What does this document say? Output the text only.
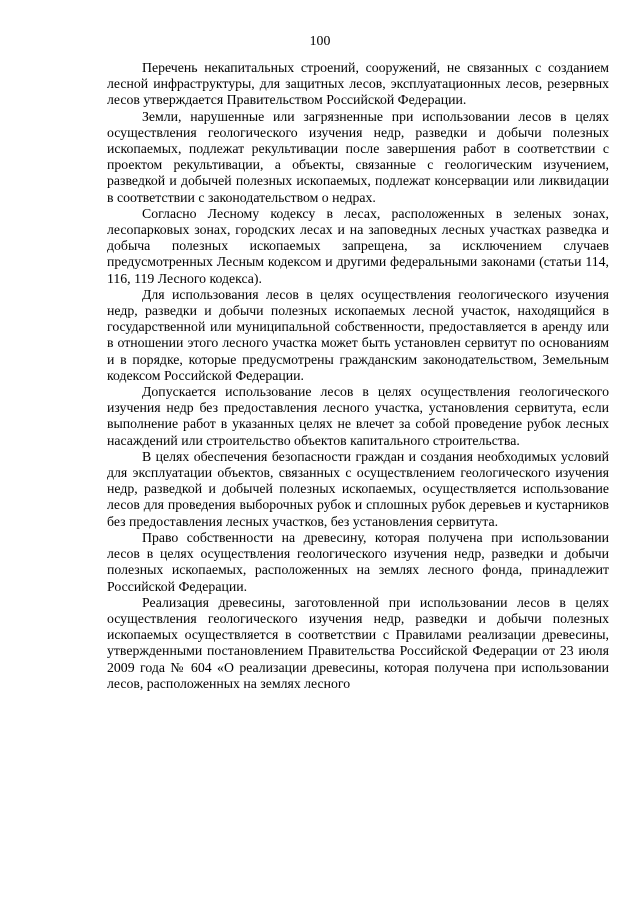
100

Перечень некапитальных строений, сооружений, не связанных с созданием лесной инфраструктуры, для защитных лесов, эксплуатационных лесов, резервных лесов утверждается Правительством Российской Федерации.

Земли, нарушенные или загрязненные при использовании лесов в целях осуществления геологического изучения недр, разведки и добычи полезных ископаемых, подлежат рекультивации после завершения работ в соответствии с проектом рекультивации, а объекты, связанные с геологическим изучением, разведкой и добычей полезных ископаемых, подлежат консервации или ликвидации в соответствии с законодательством о недрах.

Согласно Лесному кодексу в лесах, расположенных в зеленых зонах, лесопарковых зонах, городских лесах и на заповедных лесных участках разведка и добыча полезных ископаемых запрещена, за исключением случаев предусмотренных Лесным кодексом и другими федеральными законами (статьи 114, 116, 119 Лесного кодекса).

Для использования лесов в целях осуществления геологического изучения недр, разведки и добычи полезных ископаемых лесной участок, находящийся в государственной или муниципальной собственности, предоставляется в аренду или в отношении этого лесного участка может быть установлен сервитут по основаниям и в порядке, которые предусмотрены гражданским законодательством, Земельным кодексом Российской Федерации.

Допускается использование лесов в целях осуществления геологического изучения недр без предоставления лесного участка, установления сервитута, если выполнение работ в указанных целях не влечет за собой проведение рубок лесных насаждений или строительство объектов капитального строительства.

В целях обеспечения безопасности граждан и создания необходимых условий для эксплуатации объектов, связанных с осуществлением геологического изучения недр, разведкой и добычей полезных ископаемых, осуществляется использование лесов для проведения выборочных рубок и сплошных рубок деревьев и кустарников без предоставления лесных участков, без установления сервитута.

Право собственности на древесину, которая получена при использовании лесов в целях осуществления геологического изучения недр, разведки и добычи полезных ископаемых, расположенных на землях лесного фонда, принадлежит Российской Федерации.

Реализация древесины, заготовленной при использовании лесов в целях осуществления геологического изучения недр, разведки и добычи полезных ископаемых осуществляется в соответствии с Правилами реализации древесины, утвержденными постановлением Правительства Российской Федерации от 23 июля 2009 года № 604 «О реализации древесины, которая получена при использовании лесов, расположенных на землях лесного
